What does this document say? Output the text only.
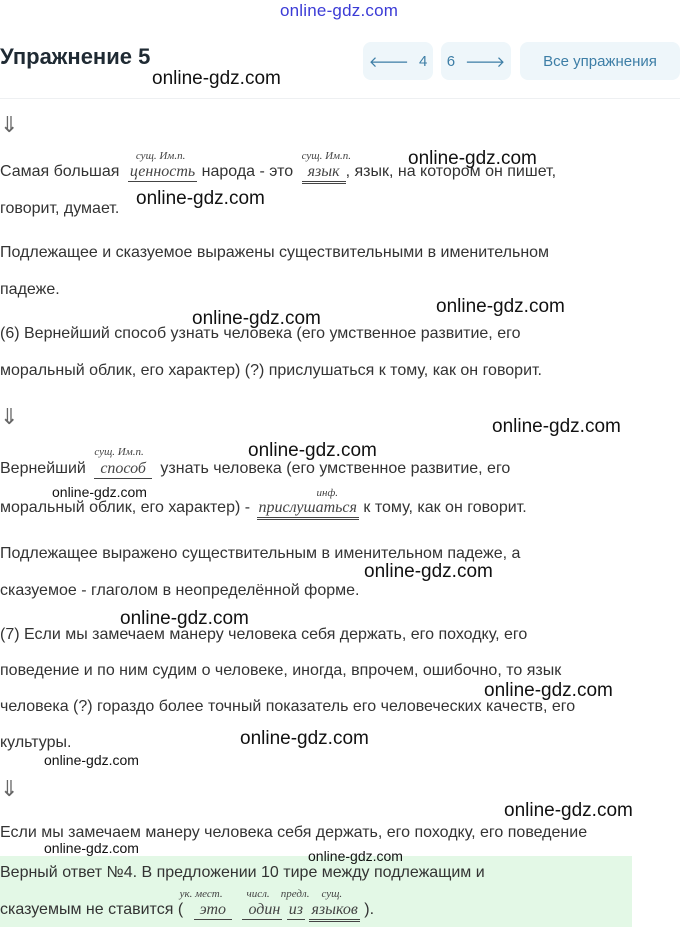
online-gdz.com
Упражнение 5	🡐 4 6 🡒	Все упражнения
⇓
Самая большая
сущ. Им.п.
ценность народа - это
сущ. Им.п.
язык , язык, на котором он пишет,
говорит, думает.
Подлежащее и сказуемое выражены существительными в именительном
падеже.
(6) Вернейший способ узнать человека (его умственное развитие, его
моральный облик, его характер) (?) прислушаться к тому, как он говорит.
⇓
Вернейший
сущ. Им.п.
способ узнать человека (его умственное развитие, его
моральный облик, его характер) -
инф.
прислушаться к тому, как он говорит.
Подлежащее выражено существительным в именительном падеже, а
сказуемое - глаголом в неопределённой форме.
(7) Если мы замечаем манеру человека себя держать, его походку, его
поведение и по ним судим о человеке, иногда, впрочем, ошибочно, то язык
человека (?) гораздо более точный показатель его человеческих качеств, его
культуры.
⇓
Если мы замечаем манеру человека себя держать, его походку, его поведение
Верный ответ №4. В предложении 10 тире между подлежащим и
сказуемым не ставится (
ук. мест.
это
числ.
один
предл.
из
сущ.
языков ).
online-gdz.com
online-gdz.com
online-gdz.com
online-gdz.com
online-gdz.com
online-gdz.com
online-gdz.com
online-gdz.com
online-gdz.com
online-gdz.com
online-gdz.com
online-gdz.com
online-gdz.com
online-gdz.com
online-gdz.com	online-gdz.com
